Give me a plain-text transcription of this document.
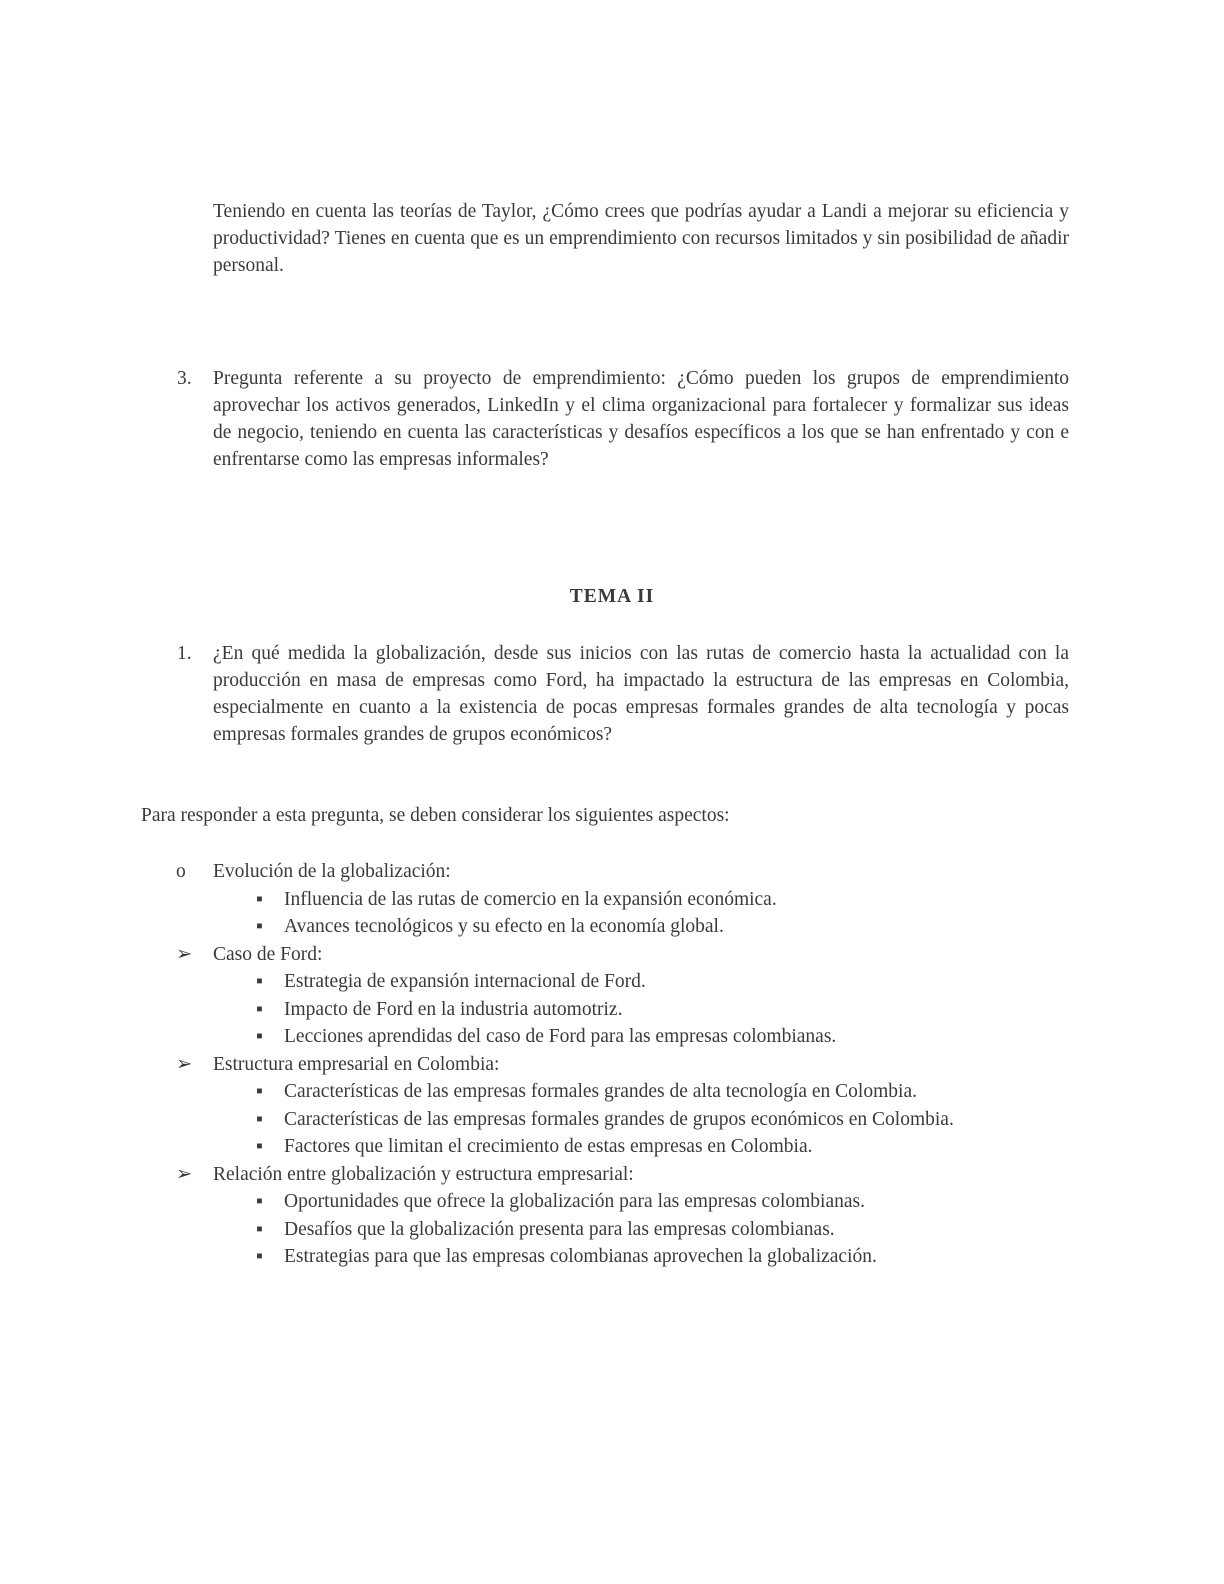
Teniendo en cuenta las teorías de Taylor, ¿Cómo crees que podrías ayudar a Landi a mejorar su eficiencia y productividad? Tienes en cuenta que es un emprendimiento con recursos limitados y sin posibilidad de añadir personal.
3. Pregunta referente a su proyecto de emprendimiento: ¿Cómo pueden los grupos de emprendimiento aprovechar los activos generados, LinkedIn y el clima organizacional para fortalecer y formalizar sus ideas de negocio, teniendo en cuenta las características y desafíos específicos a los que se han enfrentado y con e enfrentarse como las empresas informales?
TEMA II
1. ¿En qué medida la globalización, desde sus inicios con las rutas de comercio hasta la actualidad con la producción en masa de empresas como Ford, ha impactado la estructura de las empresas en Colombia, especialmente en cuanto a la existencia de pocas empresas formales grandes de alta tecnología y pocas empresas formales grandes de grupos económicos?
Para responder a esta pregunta, se deben considerar los siguientes aspectos:
o Evolución de la globalización:
▪ Influencia de las rutas de comercio en la expansión económica.
▪ Avances tecnológicos y su efecto en la economía global.
➢ Caso de Ford:
▪ Estrategia de expansión internacional de Ford.
▪ Impacto de Ford en la industria automotriz.
▪ Lecciones aprendidas del caso de Ford para las empresas colombianas.
➢ Estructura empresarial en Colombia:
▪ Características de las empresas formales grandes de alta tecnología en Colombia.
▪ Características de las empresas formales grandes de grupos económicos en Colombia.
▪ Factores que limitan el crecimiento de estas empresas en Colombia.
➢ Relación entre globalización y estructura empresarial:
▪ Oportunidades que ofrece la globalización para las empresas colombianas.
▪ Desafíos que la globalización presenta para las empresas colombianas.
▪ Estrategias para que las empresas colombianas aprovechen la globalización.
